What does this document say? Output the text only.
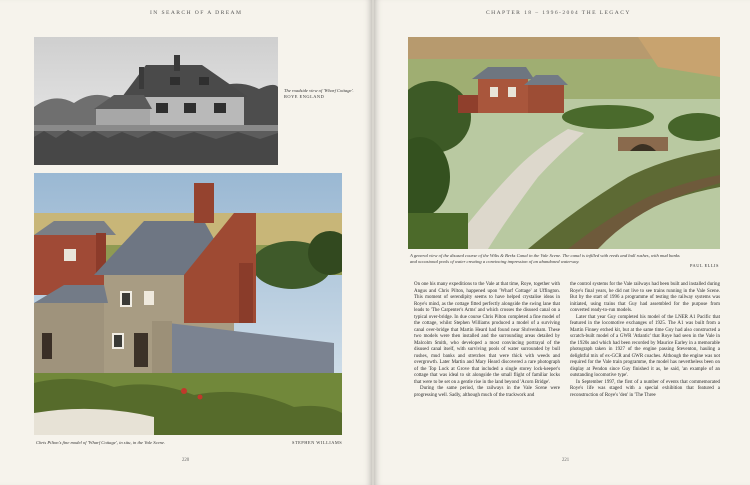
IN SEARCH OF A DREAM
The roadside view of 'Wharf Cottage'.
ROYE ENGLAND
Chris Pilton's fine model of 'Wharf Cottage', in situ, in the Vale Scene.	STEPHEN WILLIAMS
220
CHAPTER 18 – 1996-2004 THE LEGACY
A general view of the disused course of the Wilts & Berks Canal in the Vale Scene. The canal is infilled with reeds and bull rushes, with mud banks and occasional pools of water creating a convincing impression of an abandoned waterway.
PAUL ELLIS

On one his many expeditions to the Vale at that time, Roye, together with Angus and Chris Pilton, happened upon 'Wharf Cottage' at Uffington. This moment of serendipity seems to have helped crystalise ideas in Roye's mind, as the cottage fitted perfectly alongside the swing lane that leads to 'The Carpenter's Arms' and which crosses the disused canal on a typical over-bridge. In due course Chris Pilton completed a fine model of the cottage, whilst Stephen Williams produced a model of a surviving canal over-bridge that Martin Heard had found near Shrivenham. These two models were then installed and the surrounding areas detailed by Malcolm Smith, who developed a most convincing portrayal of the disused canal itself, with surviving pools of water surrounded by bull rushes, mud banks and stretches that were thick with weeds and overgrowth. Later Martin and Mary Heard discovered a rare photograph of the Top Lock at Grove that included a single storey lock-keeper's cottage that was ideal to sit alongside the small flight of familiar locks that were to be set on a gentle rise in the land beyond 'Acorn Bridge'.

During the same period, the railways in the Vale Scene were progressing well. Sadly, although much of the trackwork and

the control systems for the Vale railways had been built and installed during Roye's final years, he did not live to see trains running in the Vale Scene. But by the start of 1996 a programme of testing the railway systems was initiated, using trains that Guy had assembled for the purpose from converted ready-to-run models.

Later that year Guy completed his model of the LNER A1 Pacific that featured in the locomotive exchanges of 1925. The A1 was built from a Martin Finney etched kit, but at the same time Guy had also constructed a scratch-built model of a GWR 'Atlantic' that Roye had seen in the Vale in the 1920s and which had been recorded by Maurice Earley in a memorable photograph taken in 1927 of the engine passing Steventon, hauling a delightful mix of ex-GCR and GWR coaches. Although the engine was not required for the Vale train programme, the model has nevertheless been on display at Pendon since Guy finished it as, he said, 'an example of an outstanding locomotive type'.

In September 1997, the first of a number of events that commemorated Roye's life was staged with a special exhibition that featured a reconstruction of Roye's 'den' in 'The Three

221
